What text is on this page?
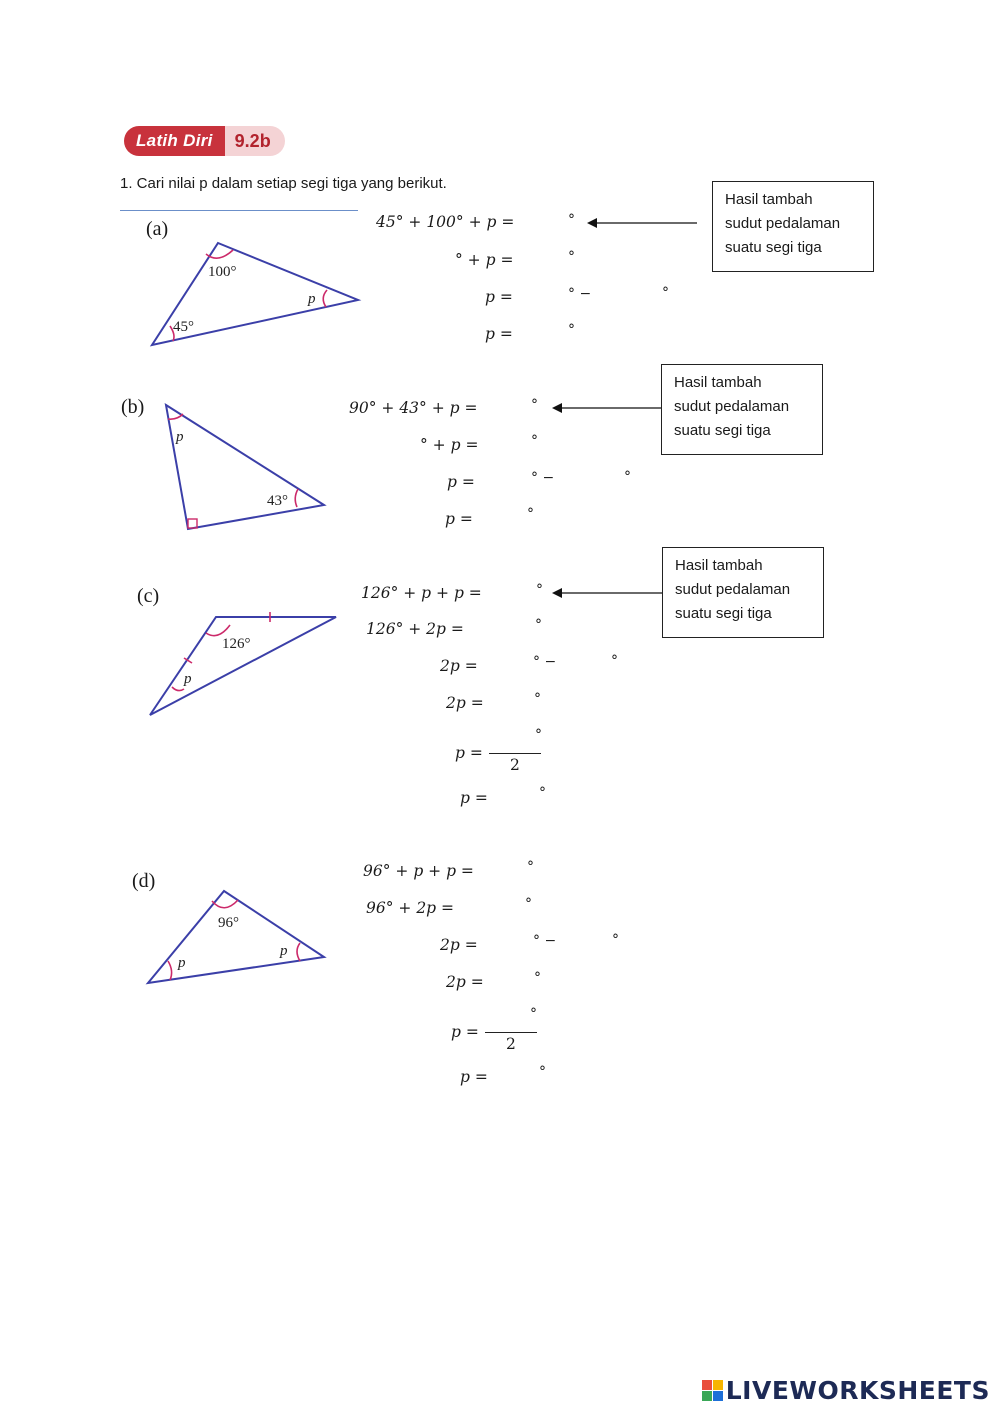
Latih Diri	9.2b
1. Cari nilai p dalam setiap segi tiga yang berikut.
(a)
100°
45°
p
45° + 100° + p =	°
° + p =	°
p =	° −	°
p =	°
Hasil tambah
sudut pedalaman
suatu segi tiga
(b)
p
43°
90° + 43° + p =	°
° + p =	°
p =	° −	°
p =	°
Hasil tambah
sudut pedalaman
suatu segi tiga
(c)
126°
p
126° + p + p =	°
126° + 2p =	°
2p =	° −	°
2p =	°
p =
°
2
p =	°
Hasil tambah
sudut pedalaman
suatu segi tiga
(d)
96°
p
p
96° + p + p =	°
96° + 2p =	°
2p =	° −	°
2p =	°
p =
°
2
p =	°
LIVEWORKSHEETS
